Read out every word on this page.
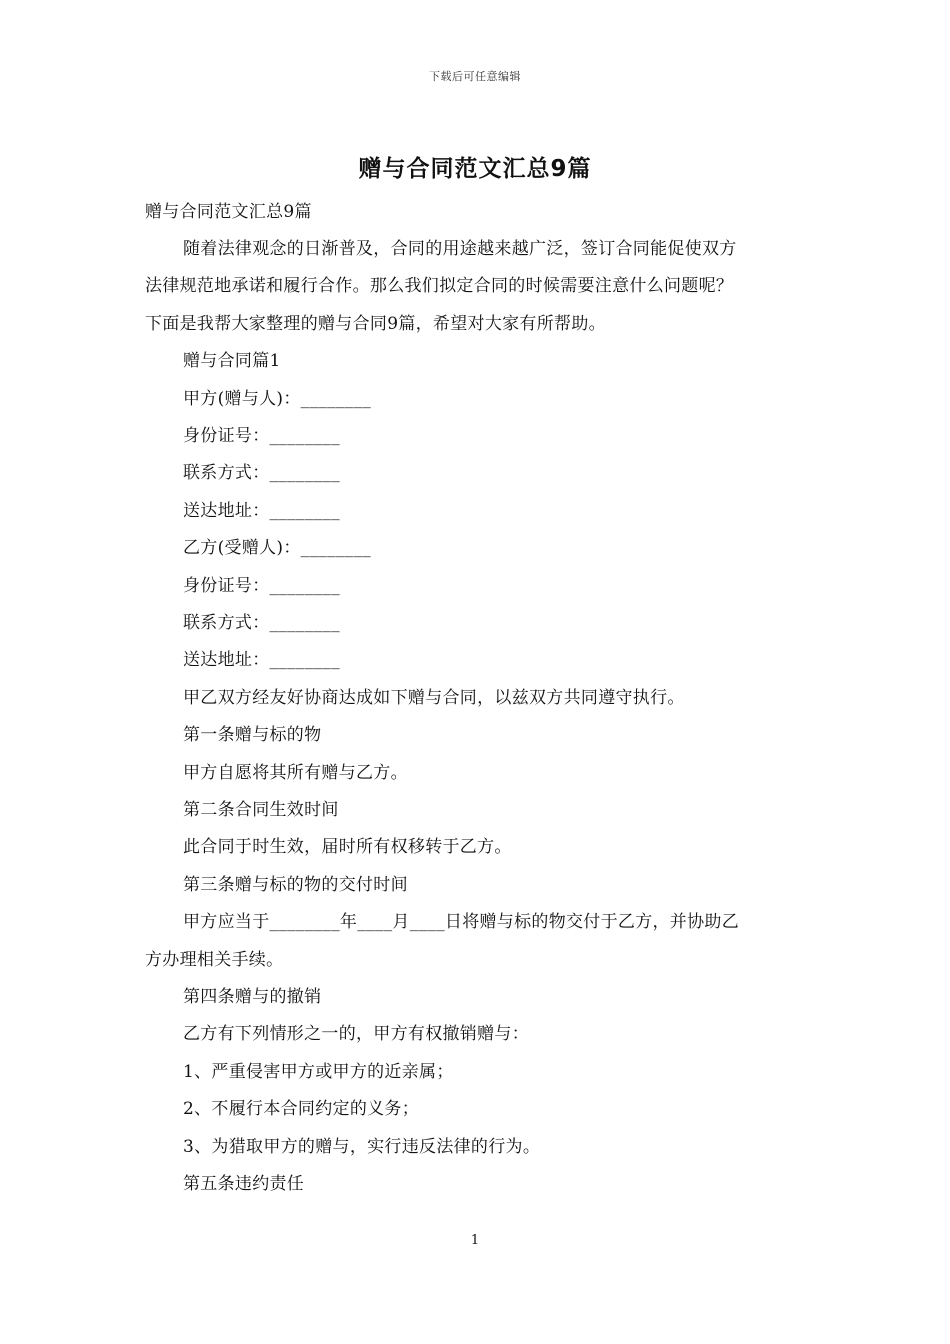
下载后可任意编辑
赠与合同范文汇总9篇
赠与合同范文汇总9篇
随着法律观念的日渐普及，合同的用途越来越广泛，签订合同能促使双方
法律规范地承诺和履行合作。那么我们拟定合同的时候需要注意什么问题呢？
下面是我帮大家整理的赠与合同9篇，希望对大家有所帮助。
赠与合同篇1
甲方(赠与人)：________
身份证号：________
联系方式：________
送达地址：________
乙方(受赠人)：________
身份证号：________
联系方式：________
送达地址：________
甲乙双方经友好协商达成如下赠与合同，以兹双方共同遵守执行。
第一条赠与标的物
甲方自愿将其所有赠与乙方。
第二条合同生效时间
此合同于时生效，届时所有权移转于乙方。
第三条赠与标的物的交付时间
甲方应当于________年____月____日将赠与标的物交付于乙方，并协助乙
方办理相关手续。
第四条赠与的撤销
乙方有下列情形之一的，甲方有权撤销赠与：
1、严重侵害甲方或甲方的近亲属；
2、不履行本合同约定的义务；
3、为猎取甲方的赠与，实行违反法律的行为。
第五条违约责任
1
